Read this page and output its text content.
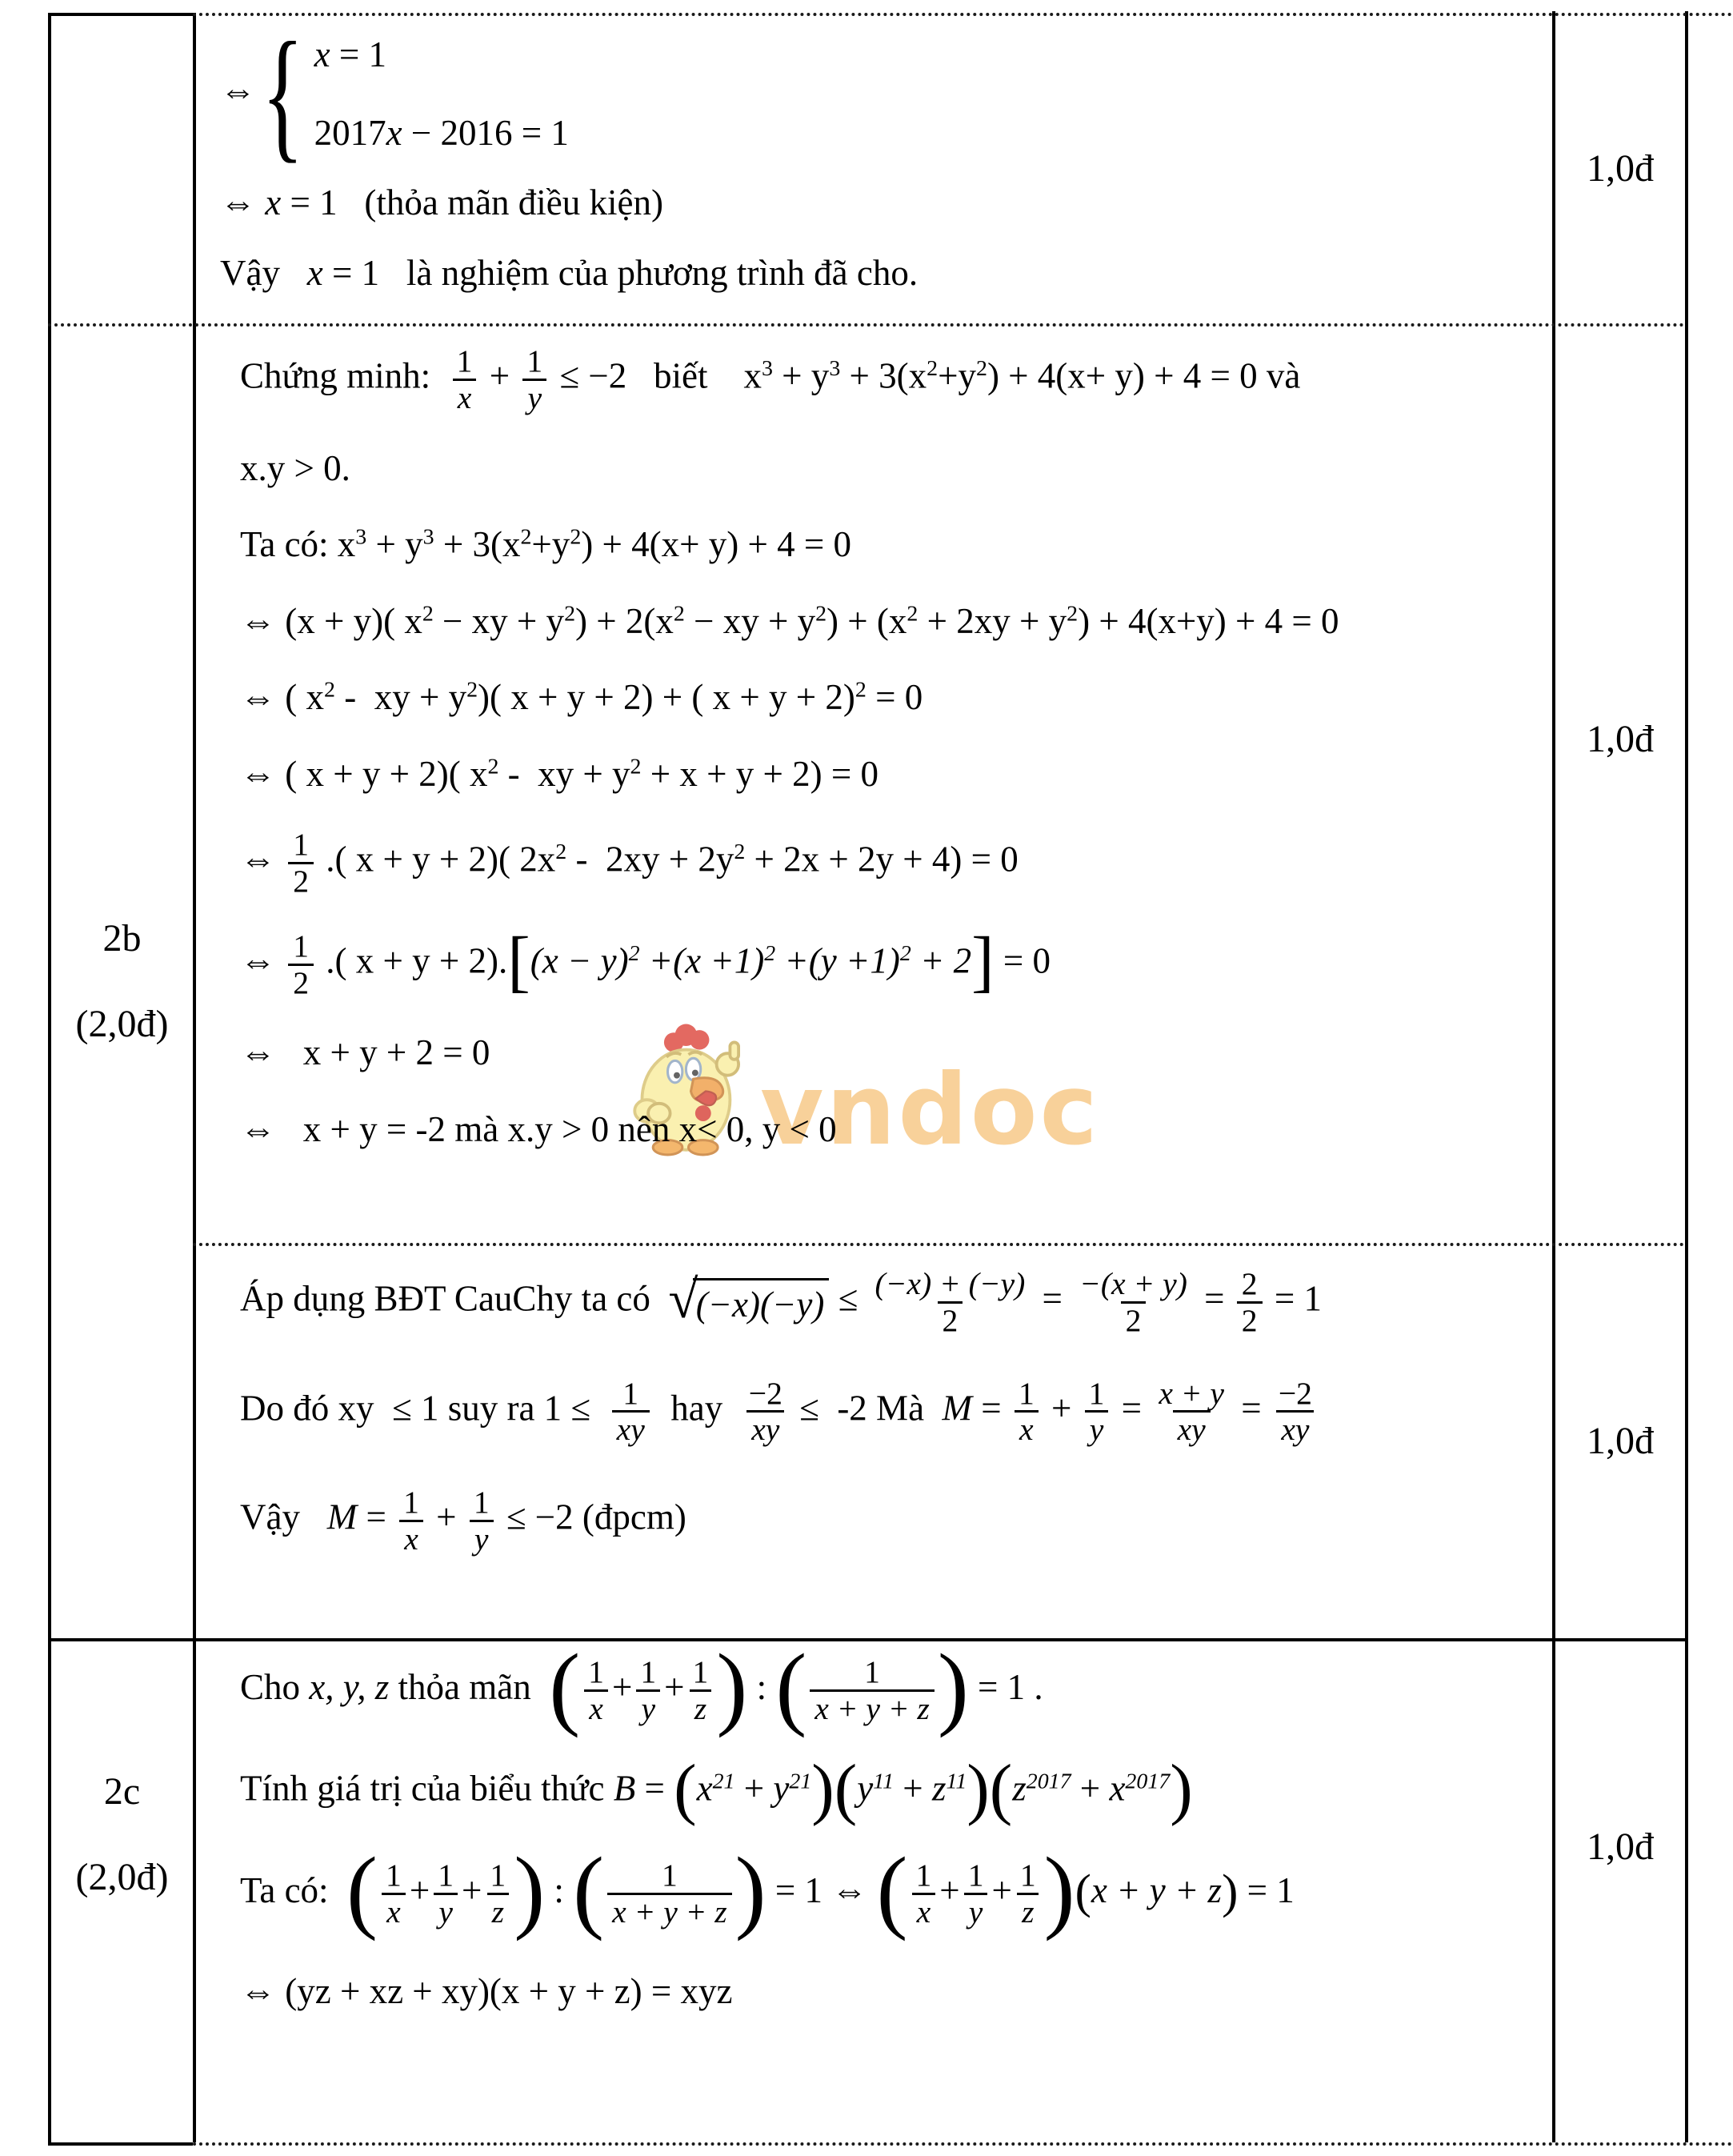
vndoc
⇔
{ x = 1
2017x − 2016 = 1
⇔ x = 1   (thỏa mãn điều kiện)
Vậy   x = 1   là nghiệm của phương trình đã cho.
1,0đ
2b
(2,0đ)
Chứng minh: $\frac{1}{x} + \frac{1}{y} \le -2$   biết    $x^3 + y^3 + 3(x^2+y^2) + 4(x+ y) + 4 = 0$ và
x.y > 0.
Ta có: $x^3 + y^3 + 3(x^2+y^2) + 4(x+ y) + 4 = 0$
⇔ (x + y)( $x^2$ − xy + $y^2) + 2(x^2$ − xy + $y^2) + (x^2 + 2xy + y^2) + 4(x+y) + 4 = 0$
⇔ ( $x^2$ -  xy + $y^2$)( x + y + 2) + ( x + y + 2)$^2$ = 0
⇔ ( x + y + 2)( $x^2$ -  xy + $y^2 + x + y + 2) = 0$
⇔ $\frac{1}{2}$ .( x + y + 2)( $2x^2 - 2xy + 2y^2 + 2x + 2y + 4) = 0$
⇔ $\frac{1}{2}$ .( $x + y + 2).[(x - y)^2 +(x +1)^2 +(y +1)^2 + 2] = 0$
⇔   x + y + 2 = 0
⇔   x + y = -2 mà x.y > 0 nên x< 0, y < 0
1,0đ
Áp dụng BĐT CauChy ta có  $√(-x)(-y) \le \frac{(-x) + (-y)}{2} = \frac{-(x + y)}{2} = \frac{2}{2} = 1$
Do đó xy  ≤ 1 suy ra $1 \le \frac{1}{xy}$ hay $\frac{-2}{xy} \le -2$ Mà  $M = \frac{1}{x} + \frac{1}{y} = \frac{x + y}{xy} = \frac{-2}{xy}$
Vậy   $M = \frac{1}{x} + \frac{1}{y} \le -2$ (đpcm)
1,0đ
2c
(2,0đ)
Cho x, y, z thỏa mãn  ( $\frac{1}{x} + \frac{1}{y} + \frac{1}{z}$ ) : ( $\frac{1}{x + y + z}$ ) = 1 .
Tính giá trị của biểu thức $B = (x^{21} + y^{21})(y^{11} + z^{11})(z^{2017} + x^{2017})$
Ta có:  ( $\frac{1}{x} + \frac{1}{y} + \frac{1}{z}$ ) : ( $\frac{1}{x + y + z}$ ) = 1 ⇔ ( $\frac{1}{x} + \frac{1}{y} + \frac{1}{z} )(x + y + z) = 1$
⇔ (yz + xz + xy)(x + y + z) = xyz
1,0đ
